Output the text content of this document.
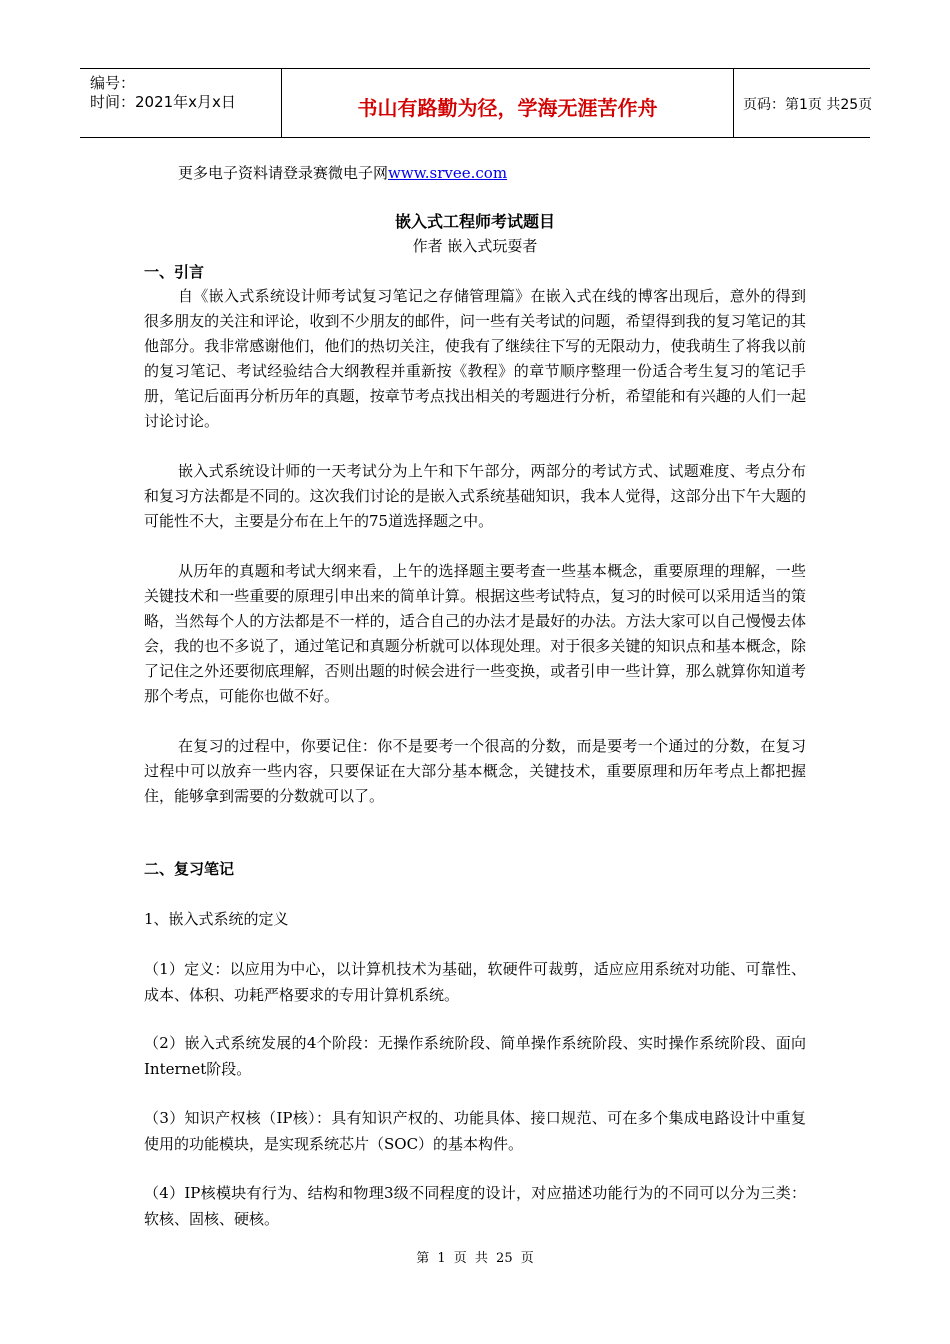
编号：
时间：2021年x月x日	书山有路勤为径，学海无涯苦作舟	页码：第1页 共25页
更多电子资料请登录赛微电子网www.srvee.com
嵌入式工程师考试题目
作者 嵌入式玩耍者
一、引言

自《嵌入式系统设计师考试复习笔记之存储管理篇》在嵌入式在线的博客出现后，意外的得到很多朋友的关注和评论，收到不少朋友的邮件，问一些有关考试的问题，希望得到我的复习笔记的其他部分。我非常感谢他们，他们的热切关注，使我有了继续往下写的无限动力，使我萌生了将我以前的复习笔记、考试经验结合大纲教程并重新按《教程》的章节顺序整理一份适合考生复习的笔记手册，笔记后面再分析历年的真题，按章节考点找出相关的考题进行分析，希望能和有兴趣的人们一起讨论讨论。

嵌入式系统设计师的一天考试分为上午和下午部分，两部分的考试方式、试题难度、考点分布和复习方法都是不同的。这次我们讨论的是嵌入式系统基础知识，我本人觉得，这部分出下午大题的可能性不大，主要是分布在上午的75道选择题之中。

从历年的真题和考试大纲来看，上午的选择题主要考查一些基本概念，重要原理的理解，一些关键技术和一些重要的原理引申出来的简单计算。根据这些考试特点，复习的时候可以采用适当的策略，当然每个人的方法都是不一样的，适合自己的办法才是最好的办法。方法大家可以自己慢慢去体会，我的也不多说了，通过笔记和真题分析就可以体现处理。对于很多关键的知识点和基本概念，除了记住之外还要彻底理解，否则出题的时候会进行一些变换，或者引申一些计算，那么就算你知道考那个考点，可能你也做不好。

在复习的过程中，你要记住：你不是要考一个很高的分数，而是要考一个通过的分数，在复习过程中可以放弃一些内容，只要保证在大部分基本概念，关键技术，重要原理和历年考点上都把握住，能够拿到需要的分数就可以了。

二、复习笔记
1、嵌入式系统的定义

（1）定义：以应用为中心，以计算机技术为基础，软硬件可裁剪，适应应用系统对功能、可靠性、成本、体积、功耗严格要求的专用计算机系统。

（2）嵌入式系统发展的4个阶段：无操作系统阶段、简单操作系统阶段、实时操作系统阶段、面向Internet阶段。

（3）知识产权核（IP核）：具有知识产权的、功能具体、接口规范、可在多个集成电路设计中重复使用的功能模块，是实现系统芯片（SOC）的基本构件。

（4）IP核模块有行为、结构和物理3级不同程度的设计，对应描述功能行为的不同可以分为三类：软核、固核、硬核。

第 1 页 共 25 页
